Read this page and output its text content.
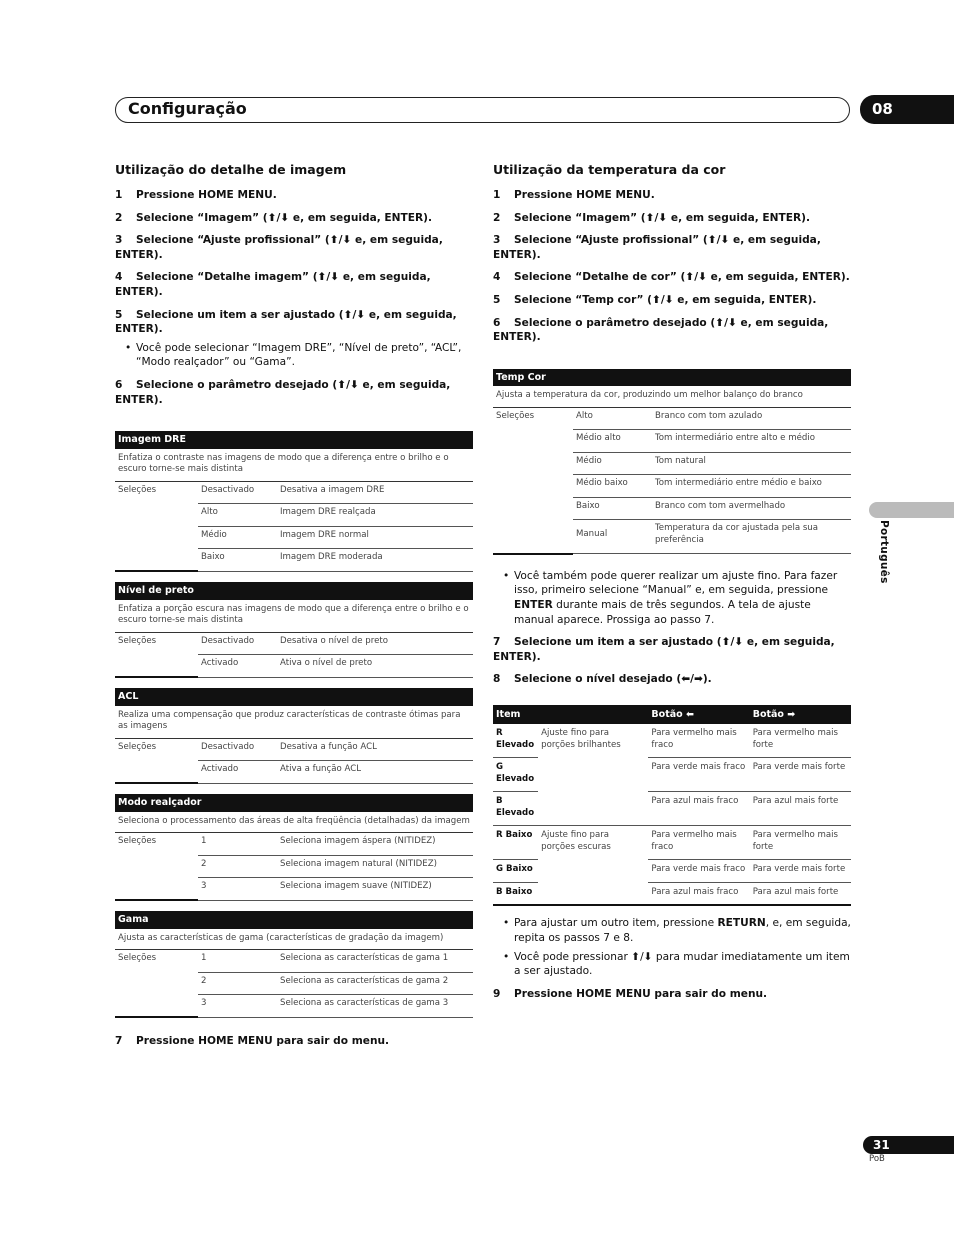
Configuração	08
Utilização do detalhe de imagem
1 Pressione HOME MENU.
2 Selecione “Imagem” (⬆/⬇ e, em seguida, ENTER).
3 Selecione “Ajuste profissional” (⬆/⬇ e, em seguida, ENTER).
4 Selecione “Detalhe imagem” (⬆/⬇ e, em seguida, ENTER).
5 Selecione um item a ser ajustado (⬆/⬇ e, em seguida, ENTER).
• Você pode selecionar “Imagem DRE”, “Nível de preto”, “ACL”, “Modo realçador” ou “Gama”.
6 Selecione o parâmetro desejado (⬆/⬇ e, em seguida, ENTER).
Imagem DRE		
Enfatiza o contraste nas imagens de modo que a diferença entre o brilho e o escuro torne-se mais distinta		
Seleções	Desactivado	Desativa a imagem DRE
	Alto	Imagem DRE realçada
	Médio	Imagem DRE normal
	Baixo	Imagem DRE moderada
Nível de preto		
Enfatiza a porção escura nas imagens de modo que a diferença entre o brilho e o escuro torne-se mais distinta		
Seleções	Desactivado	Desativa o nível de preto
	Activado	Ativa o nível de preto
ACL		
Realiza uma compensação que produz características de contraste ótimas para as imagens		
Seleções	Desactivado	Desativa a função ACL
	Activado	Ativa a função ACL
Modo realçador		
Seleciona o processamento das áreas de alta freqüência (detalhadas) da imagem		
Seleções	1	Seleciona imagem áspera (NITIDEZ)
	2	Seleciona imagem natural (NITIDEZ)
	3	Seleciona imagem suave (NITIDEZ)
Gama		
Ajusta as características de gama (características de gradação da imagem)		
Seleções	1	Seleciona as características de gama 1
	2	Seleciona as características de gama 2
	3	Seleciona as características de gama 3
7 Pressione HOME MENU para sair do menu.
Utilização da temperatura da cor
1 Pressione HOME MENU.
2 Selecione “Imagem” (⬆/⬇ e, em seguida, ENTER).
3 Selecione “Ajuste profissional” (⬆/⬇ e, em seguida, ENTER).
4 Selecione “Detalhe de cor” (⬆/⬇ e, em seguida, ENTER).
5 Selecione “Temp cor” (⬆/⬇ e, em seguida, ENTER).
6 Selecione o parâmetro desejado (⬆/⬇ e, em seguida, ENTER).
Temp Cor		
Ajusta a temperatura da cor, produzindo um melhor balanço do branco		
Seleções	Alto	Branco com tom azulado
	Médio alto	Tom intermediário entre alto e médio
	Médio	Tom natural
	Médio baixo	Tom intermediário entre médio e baixo
	Baixo	Branco com tom avermelhado
	Manual	Temperatura da cor ajustada pela sua preferência
• Você também pode querer realizar um ajuste fino. Para fazer isso, primeiro selecione “Manual” e, em seguida, pressione ENTER durante mais de três segundos. A tela de ajuste manual aparece. Prossiga ao passo 7.
7 Selecione um item a ser ajustado (⬆/⬇ e, em seguida, ENTER).
8 Selecione o nível desejado (⬅/➡).
Item		Botão ⬅	Botão ➡
R Elevado	Ajuste fino para porções brilhantes	Para vermelho mais fraco	Para vermelho mais forte
G Elevado		Para verde mais fraco	Para verde mais forte
B Elevado		Para azul mais fraco	Para azul mais forte
R Baixo	Ajuste fino para porções escuras	Para vermelho mais fraco	Para vermelho mais forte
G Baixo		Para verde mais fraco	Para verde mais forte
B Baixo		Para azul mais fraco	Para azul mais forte
• Para ajustar um outro item, pressione RETURN, e, em seguida, repita os passos 7 e 8.
• Você pode pressionar ⬆/⬇ para mudar imediatamente um item a ser ajustado.
9 Pressione HOME MENU para sair do menu.
Português
31
PoB
